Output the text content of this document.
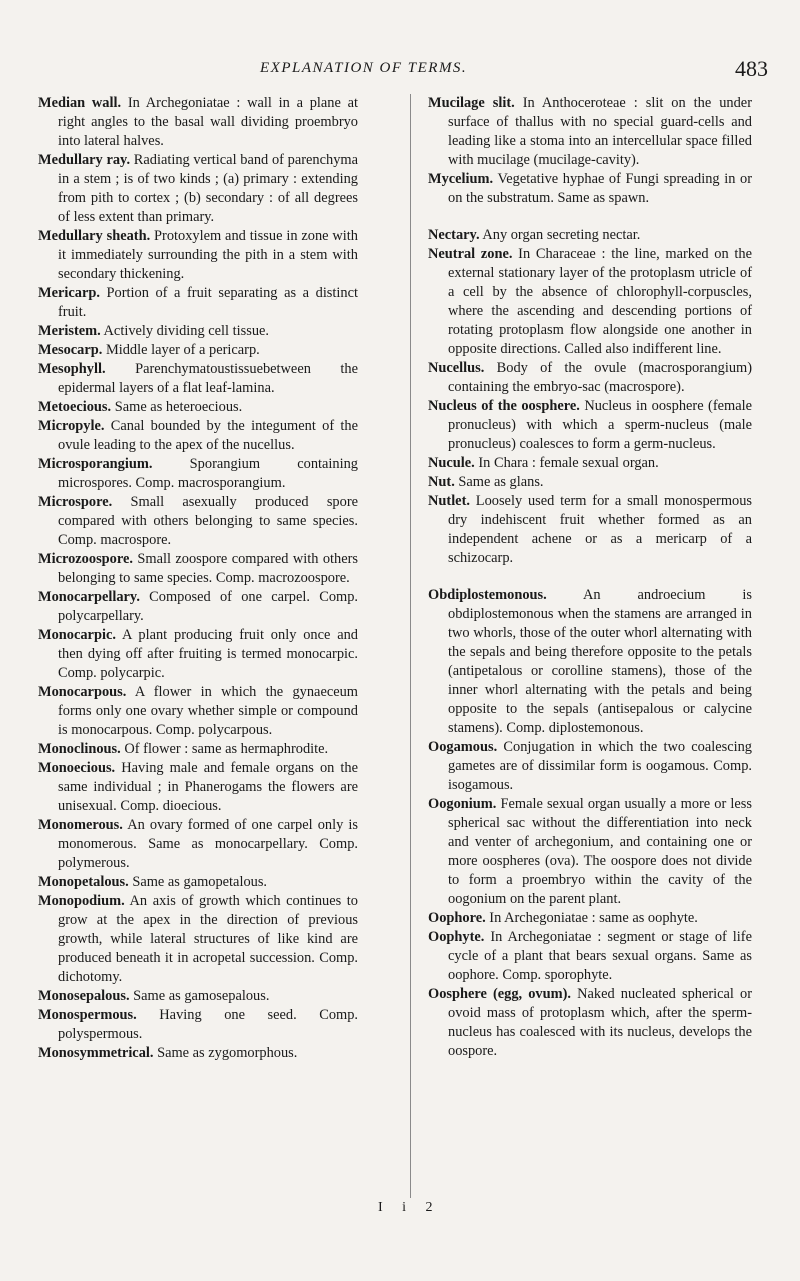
EXPLANATION OF TERMS.	483

Median wall. In Archegoniatae : wall in a plane at right angles to the basal wall dividing proembryo into lateral halves.

Medullary ray. Radiating vertical band of parenchyma in a stem ; is of two kinds ; (a) primary : extending from pith to cortex ; (b) secondary : of all degrees of less extent than primary.

Medullary sheath. Protoxylem and tissue in zone with it immediately surrounding the pith in a stem with secondary thickening.

Mericarp. Portion of a fruit separating as a distinct fruit.

Meristem. Actively dividing cell tissue.

Mesocarp. Middle layer of a pericarp.

Mesophyll. Parenchymatoustissuebetween the epidermal layers of a flat leaf-lamina.

Metoecious. Same as heteroecious.

Micropyle. Canal bounded by the integument of the ovule leading to the apex of the nucellus.

Microsporangium. Sporangium containing microspores. Comp. macrosporangium.

Microspore. Small asexually produced spore compared with others belonging to same species. Comp. macrospore.

Microzoospore. Small zoospore compared with others belonging to same species. Comp. macrozoospore.

Monocarpellary. Composed of one carpel. Comp. polycarpellary.

Monocarpic. A plant producing fruit only once and then dying off after fruiting is termed monocarpic. Comp. polycarpic.

Monocarpous. A flower in which the gynaeceum forms only one ovary whether simple or compound is monocarpous. Comp. polycarpous.

Monoclinous. Of flower : same as hermaphrodite.

Monoecious. Having male and female organs on the same individual ; in Phanerogams the flowers are unisexual. Comp. dioecious.

Monomerous. An ovary formed of one carpel only is monomerous. Same as monocarpellary. Comp. polymerous.

Monopetalous. Same as gamopetalous.

Monopodium. An axis of growth which continues to grow at the apex in the direction of previous growth, while lateral structures of like kind are produced beneath it in acropetal succession. Comp. dichotomy.

Monosepalous. Same as gamosepalous.

Monospermous. Having one seed. Comp. polyspermous.

Monosymmetrical. Same as zygomorphous.

Mucilage slit. In Anthoceroteae : slit on the under surface of thallus with no special guard-cells and leading like a stoma into an intercellular space filled with mucilage (mucilage-cavity).

Mycelium. Vegetative hyphae of Fungi spreading in or on the substratum. Same as spawn.

Nectary. Any organ secreting nectar.

Neutral zone. In Characeae : the line, marked on the external stationary layer of the protoplasm utricle of a cell by the absence of chlorophyll-corpuscles, where the ascending and descending portions of rotating protoplasm flow alongside one another in opposite directions. Called also indifferent line.

Nucellus. Body of the ovule (macrosporangium) containing the embryo-sac (macrospore).

Nucleus of the oosphere. Nucleus in oosphere (female pronucleus) with which a sperm-nucleus (male pronucleus) coalesces to form a germ-nucleus.

Nucule. In Chara : female sexual organ.

Nut. Same as glans.

Nutlet. Loosely used term for a small monospermous dry indehiscent fruit whether formed as an independent achene or as a mericarp of a schizocarp.

Obdiplostemonous. An androecium is obdiplostemonous when the stamens are arranged in two whorls, those of the outer whorl alternating with the sepals and being therefore opposite to the petals (antipetalous or corolline stamens), those of the inner whorl alternating with the petals and being opposite to the sepals (antisepalous or calycine stamens). Comp. diplostemonous.

Oogamous. Conjugation in which the two coalescing gametes are of dissimilar form is oogamous. Comp. isogamous.

Oogonium. Female sexual organ usually a more or less spherical sac without the differentiation into neck and venter of archegonium, and containing one or more oospheres (ova). The oospore does not divide to form a proembryo within the cavity of the oogonium on the parent plant.

Oophore. In Archegoniatae : same as oophyte.

Oophyte. In Archegoniatae : segment or stage of life cycle of a plant that bears sexual organs. Same as oophore. Comp. sporophyte.

Oosphere (egg, ovum). Naked nucleated spherical or ovoid mass of protoplasm which, after the sperm-nucleus has coalesced with its nucleus, develops the oospore.

I i 2
